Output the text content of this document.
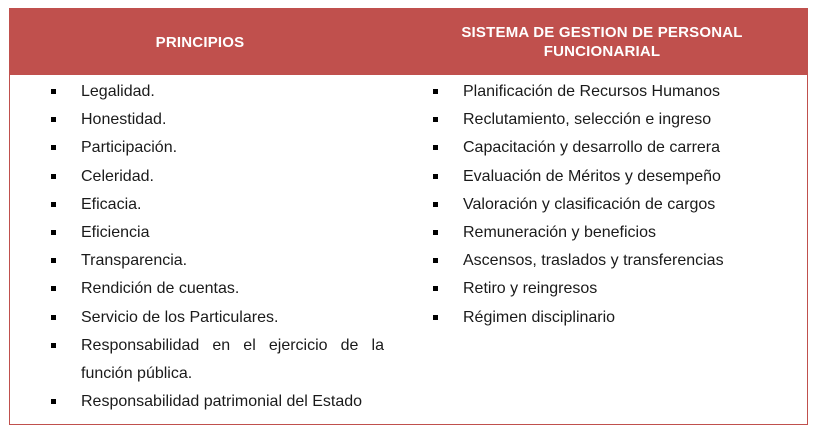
PRINCIPIOS
SISTEMA DE GESTION DE PERSONAL FUNCIONARIAL
Legalidad.
Honestidad.
Participación.
Celeridad.
Eficacia.
Eficiencia
Transparencia.
Rendición de cuentas.
Servicio de los Particulares.
Responsabilidad en el ejercicio de la función pública.
Responsabilidad patrimonial del Estado
Planificación de Recursos Humanos
Reclutamiento, selección e ingreso
Capacitación y desarrollo de carrera
Evaluación de Méritos y desempeño
Valoración y clasificación de cargos
Remuneración y beneficios
Ascensos, traslados y transferencias
Retiro y reingresos
Régimen disciplinario
